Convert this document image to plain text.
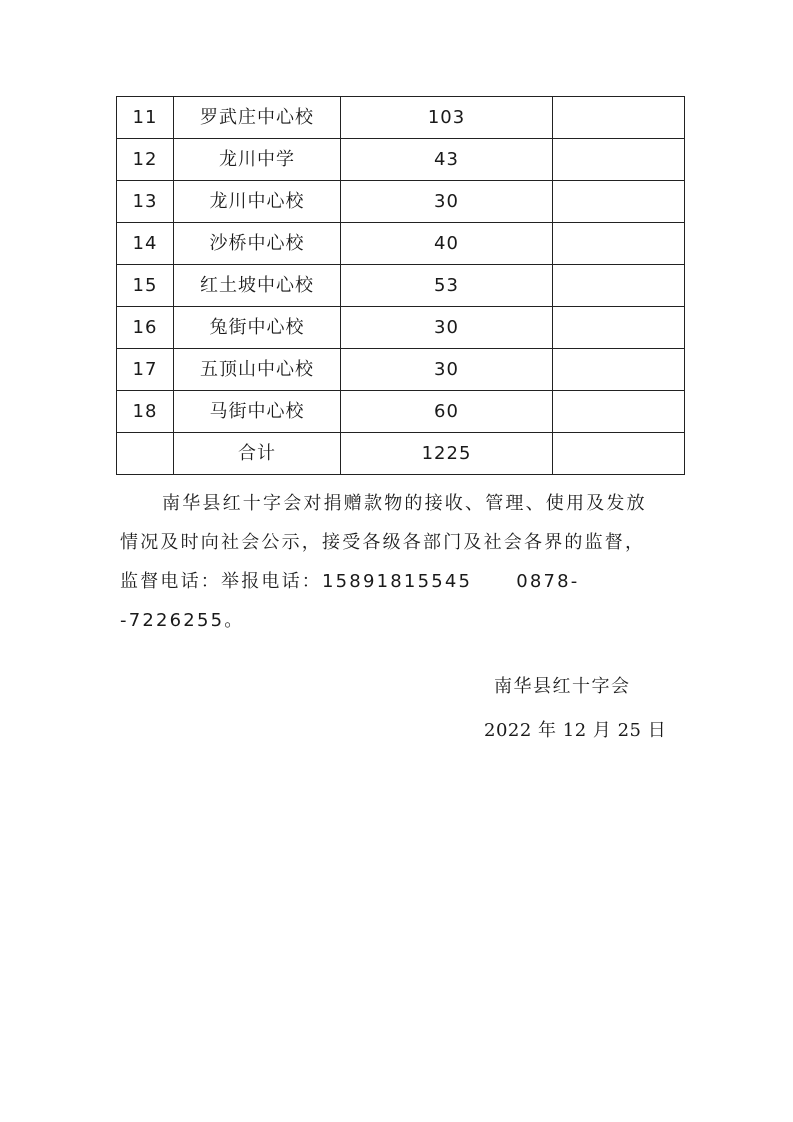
11	罗武庄中心校	103	
12	龙川中学	43	
13	龙川中心校	30	
14	沙桥中心校	40	
15	红土坡中心校	53	
16	兔街中心校	30	
17	五顶山中心校	30	
18	马街中心校	60	
	合计	1225	

南华县红十字会对捐赠款物的接收、管理、使用及发放

情况及时向社会公示，接受各级各部门及社会各界的监督，

监督电话：举报电话：15891815545 0878--7226255。

南华县红十字会
2022 年 12 月 25 日
